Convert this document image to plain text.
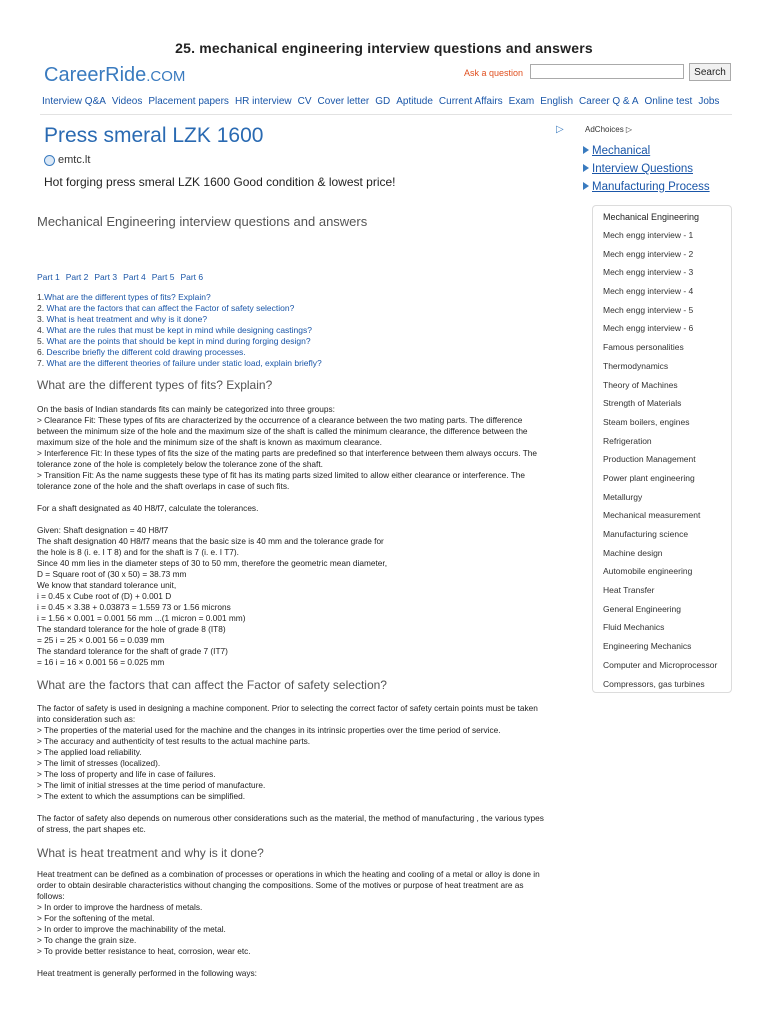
25. mechanical engineering interview questions and answers
CareerRide.COM	Ask a question	Search
Interview Q&A Videos Placement papers HR interview CV Cover letter GD Aptitude Current Affairs Exam English Career Q & A Online test Jobs
Press smeral LZK 1600
emtc.lt
Hot forging press smeral LZK 1600 Good condition & lowest price!
▷	AdChoices ▷
Mechanical
Interview Questions
Manufacturing Process
Mechanical Engineering interview questions and answers
Part 1 Part 2 Part 3 Part 4 Part 5 Part 6
1.What are the different types of fits? Explain?
2. What are the factors that can affect the Factor of safety selection?
3. What is heat treatment and why is it done?
4. What are the rules that must be kept in mind while designing castings?
5. What are the points that should be kept in mind during forging design?
6. Describe briefly the different cold drawing processes.
7. What are the different theories of failure under static load, explain briefly?
What are the different types of fits? Explain?
On the basis of Indian standards fits can mainly be categorized into three groups:
> Clearance Fit: These types of fits are characterized by the occurrence of a clearance between the two mating parts. The difference
between the minimum size of the hole and the maximum size of the shaft is called the minimum clearance, the difference between the
maximum size of the hole and the minimum size of the shaft is known as maximum clearance.
> Interference Fit: In these types of fits the size of the mating parts are predefined so that interference between them always occurs. The
tolerance zone of the hole is completely below the tolerance zone of the shaft.
> Transition Fit: As the name suggests these type of fit has its mating parts sized limited to allow either clearance or interference. The
tolerance zone of the hole and the shaft overlaps in case of such fits.

For a shaft designated as 40 H8/f7, calculate the tolerances.

Given: Shaft designation = 40 H8/f7
The shaft designation 40 H8/f7 means that the basic size is 40 mm and the tolerance grade for
the hole is 8 (i. e. I T 8) and for the shaft is 7 (i. e. I T7).
Since 40 mm lies in the diameter steps of 30 to 50 mm, therefore the geometric mean diameter,
D = Square root of (30 x 50) = 38.73 mm
We know that standard tolerance unit,
i = 0.45 x Cube root of (D) + 0.001 D
i = 0.45 × 3.38 + 0.03873 = 1.559 73 or 1.56 microns
i = 1.56 × 0.001 = 0.001 56 mm ...(1 micron = 0.001 mm)
The standard tolerance for the hole of grade 8 (IT8)
= 25 i = 25 × 0.001 56 = 0.039 mm
The standard tolerance for the shaft of grade 7 (IT7)
= 16 i = 16 × 0.001 56 = 0.025 mm
What are the factors that can affect the Factor of safety selection?
The factor of safety is used in designing a machine component. Prior to selecting the correct factor of safety certain points must be taken
into consideration such as:
> The properties of the material used for the machine and the changes in its intrinsic properties over the time period of service.
> The accuracy and authenticity of test results to the actual machine parts.
> The applied load reliability.
> The limit of stresses (localized).
> The loss of property and life in case of failures.
> The limit of initial stresses at the time period of manufacture.
> The extent to which the assumptions can be simplified.

The factor of safety also depends on numerous other considerations such as the material, the method of manufacturing , the various types
of stress, the part shapes etc.
What is heat treatment and why is it done?
Heat treatment can be defined as a combination of processes or operations in which the heating and cooling of a metal or alloy is done in
order to obtain desirable characteristics without changing the compositions. Some of the motives or purpose of heat treatment are as
follows:
> In order to improve the hardness of metals.
> For the softening of the metal.
> In order to improve the machinability of the metal.
> To change the grain size.
> To provide better resistance to heat, corrosion, wear etc.

Heat treatment is generally performed in the following ways:
Mechanical Engineering
Mech engg interview - 1
Mech engg interview - 2
Mech engg interview - 3
Mech engg interview - 4
Mech engg interview - 5
Mech engg interview - 6
Famous personalities
Thermodynamics
Theory of Machines
Strength of Materials
Steam boilers, engines
Refrigeration
Production Management
Power plant engineering
Metallurgy
Mechanical measurement
Manufacturing science
Machine design
Automobile engineering
Heat Transfer
General Engineering
Fluid Mechanics
Engineering Mechanics
Computer and Microprocessor
Compressors, gas turbines
